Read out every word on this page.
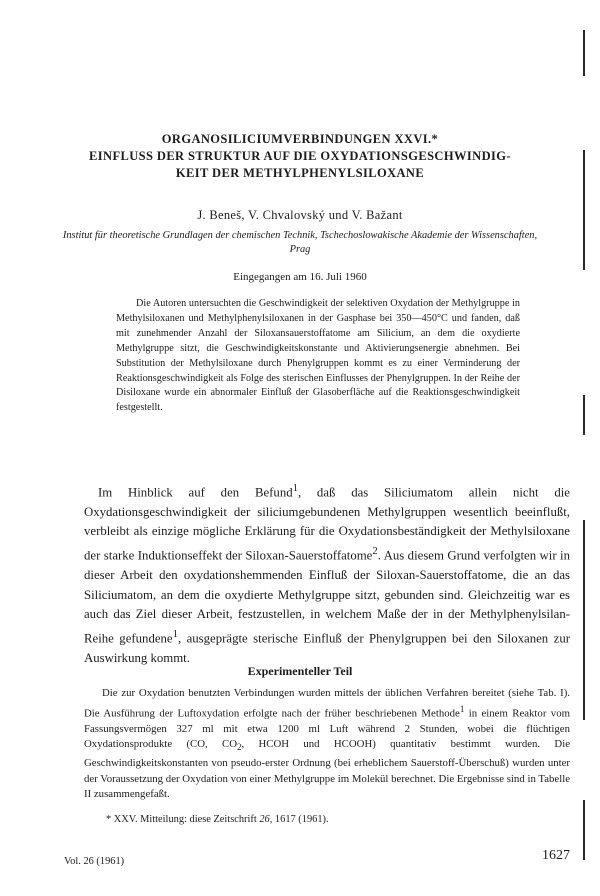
ORGANOSILICIUMVERBINDUNGEN XXVI.*
EINFLUSS DER STRUKTUR AUF DIE OXYDATIONSGESCHWINDIG-
KEIT DER METHYLPHENYLSILOXANE
J. Beneš, V. Chvalovský und V. Bažant
Institut für theoretische Grundlagen der chemischen Technik, Tschechoslowakische Akademie der Wissenschaften, Prag
Eingegangen am 16. Juli 1960

Die Autoren untersuchten die Geschwindigkeit der selektiven Oxydation der Methylgruppe in Methylsiloxanen und Methylphenylsiloxanen in der Gasphase bei 350—450°C und fanden, daß mit zunehmender Anzahl der Siloxansauerstoffatome am Silicium, an dem die oxydierte Methylgruppe sitzt, die Geschwindigkeitskonstante und Aktivierungsenergie abnehmen. Bei Substitution der Methylsiloxane durch Phenylgruppen kommt es zu einer Verminderung der Reaktionsgeschwindigkeit als Folge des sterischen Einflusses der Phenylgruppen. In der Reihe der Disiloxane wurde ein abnormaler Einfluß der Glasoberfläche auf die Reaktionsgeschwindigkeit festgestellt.

Im Hinblick auf den Befund$^1$, daß das Siliciumatom allein nicht die Oxydationsgeschwindigkeit der siliciumgebundenen Methylgruppen wesentlich beeinflußt, verbleibt als einzige mögliche Erklärung für die Oxydationsbeständigkeit der Methylsiloxane der starke Induktionseffekt der Siloxan-Sauerstoffatome$^2$. Aus diesem Grund verfolgten wir in dieser Arbeit den oxydationshemmenden Einfluß der Siloxan-Sauerstoffatome, die an das Siliciumatom, an dem die oxydierte Methylgruppe sitzt, gebunden sind. Gleichzeitig war es auch das Ziel dieser Arbeit, festzustellen, in welchem Maße der in der Methylphenylsilan-Reihe gefundene$^1$, ausgeprägte sterische Einfluß der Phenylgruppen bei den Siloxanen zur Auswirkung kommt.

Experimenteller Teil

Die zur Oxydation benutzten Verbindungen wurden mittels der üblichen Verfahren bereitet (siehe Tab. I). Die Ausführung der Luftoxydation erfolgte nach der früher beschriebenen Methode$^1$ in einem Reaktor vom Fassungsvermögen 327 ml mit etwa 1200 ml Luft während 2 Stunden, wobei die flüchtigen Oxydationsprodukte (CO, $CO_2$, HCOH und HCOOH) quantitativ bestimmt wurden. Die Geschwindigkeitskonstanten von pseudo-erster Ordnung (bei erheblichem Sauerstoff-Überschuß) wurden unter der Voraussetzung der Oxydation von einer Methylgruppe im Molekül berechnet. Die Ergebnisse sind in Tabelle II zusammengefaßt.

* XXV. Mitteilung: diese Zeitschrift 26, 1617 (1961).
Vol. 26 (1961)	1627
